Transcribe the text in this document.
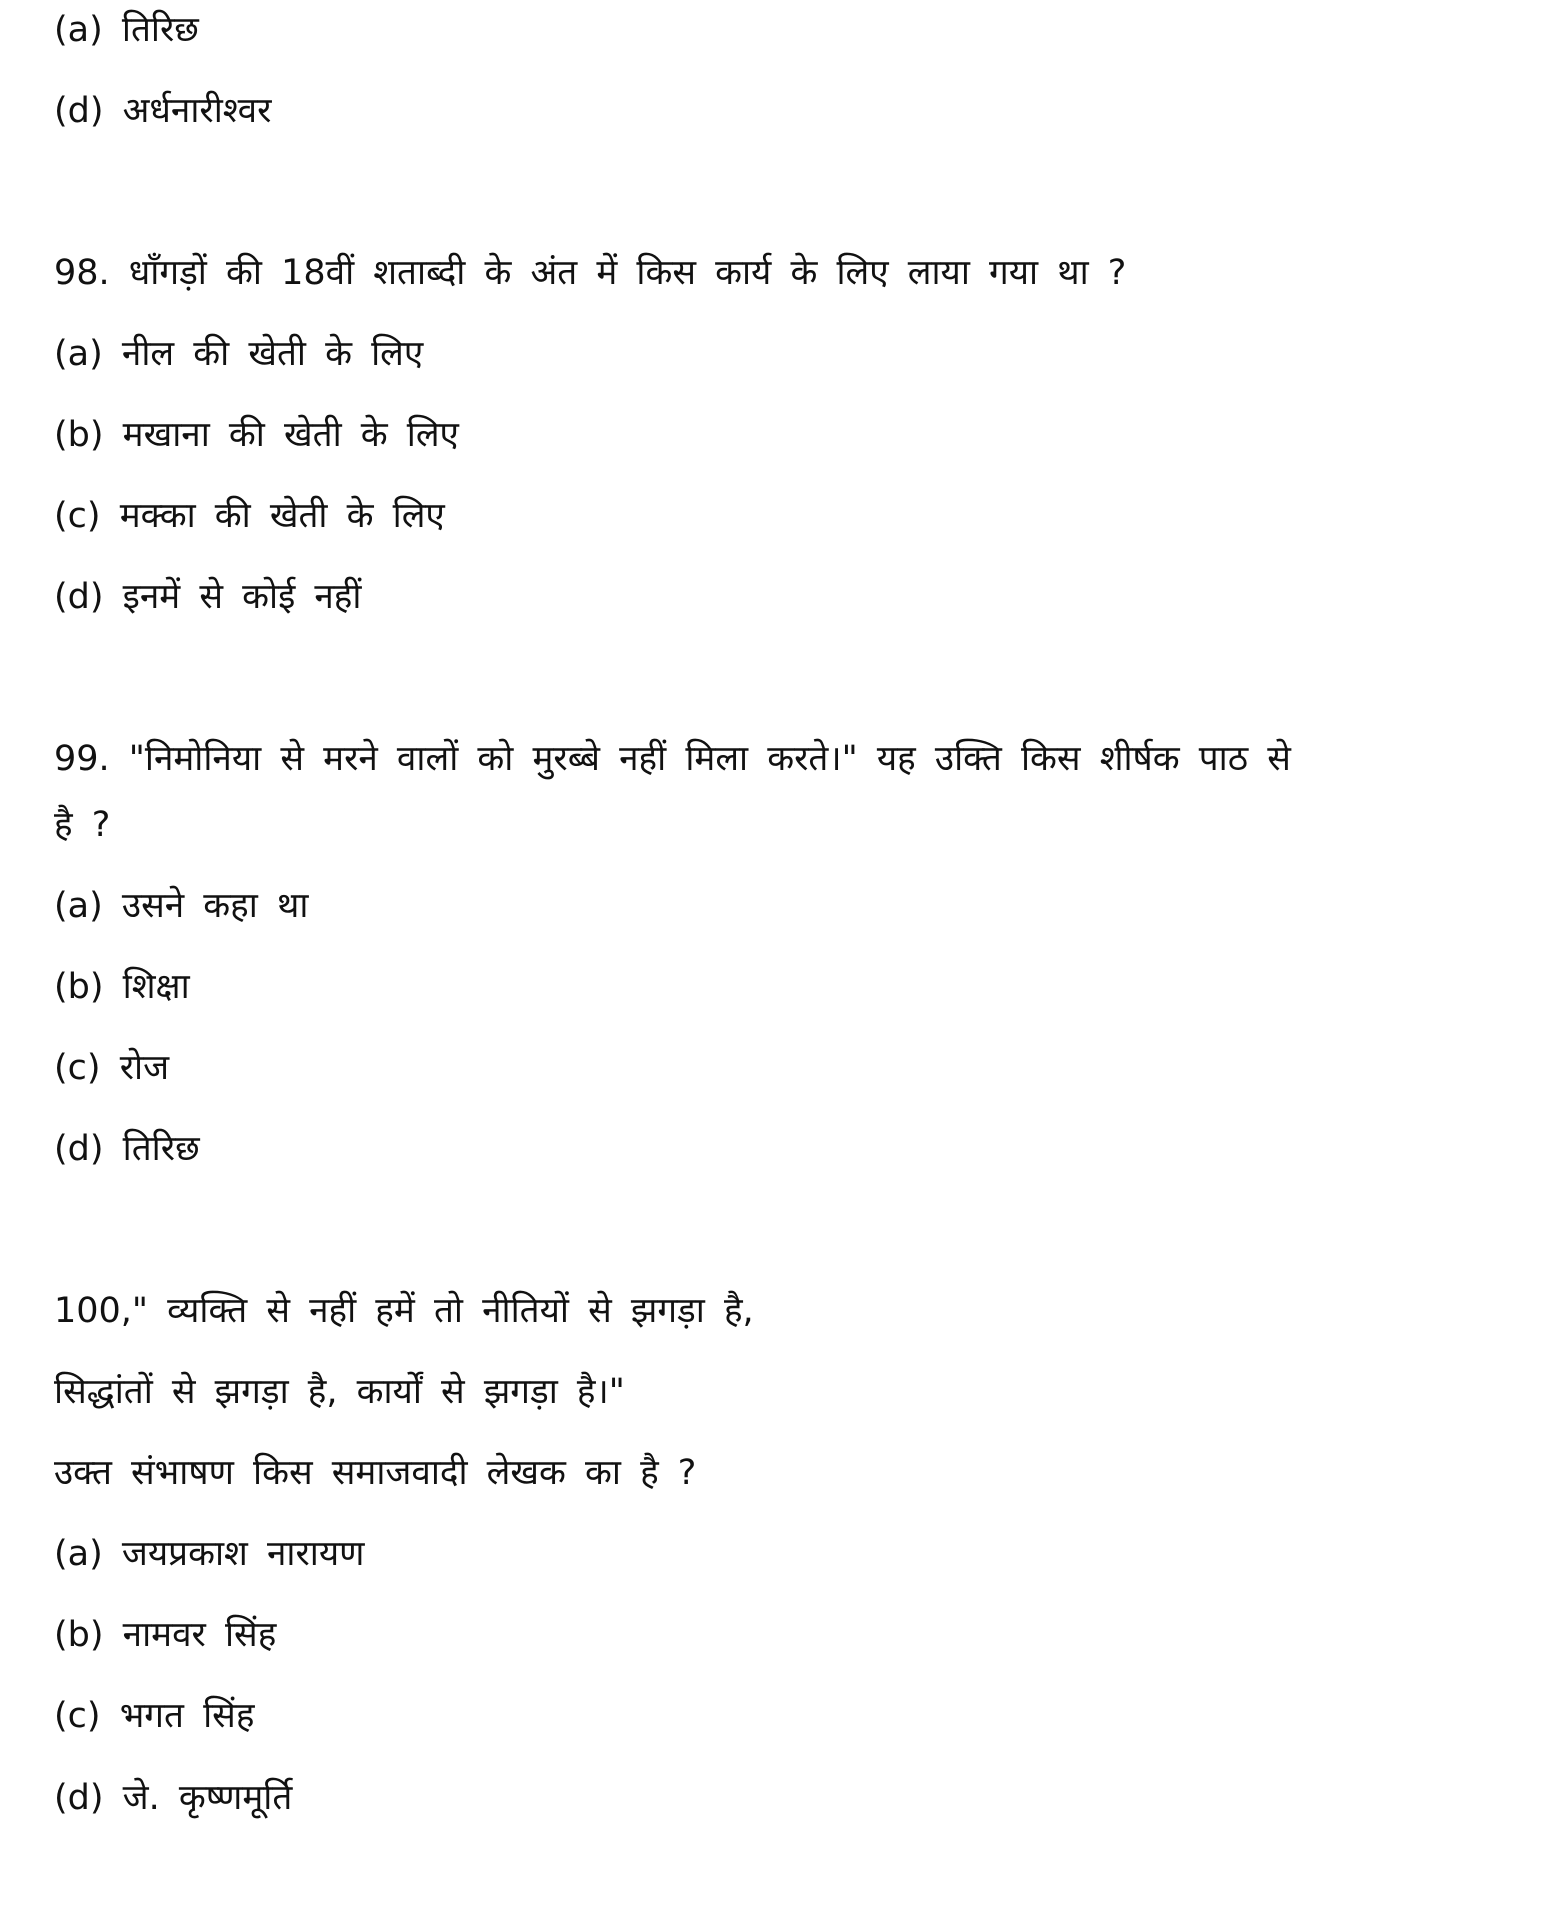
(a) तिरिछ
(d) अर्धनारीश्वर
98. धाँगड़ों की 18वीं शताब्दी के अंत में किस कार्य के लिए लाया गया था ?
(a) नील की खेती के लिए
(b) मखाना की खेती के लिए
(c) मक्का की खेती के लिए
(d) इनमें से कोई नहीं
99. "निमोनिया से मरने वालों को मुरब्बे नहीं मिला करते।" यह उक्ति किस शीर्षक पाठ से
है ?
(a) उसने कहा था
(b) शिक्षा
(c) रोज
(d) तिरिछ
100," व्यक्ति से नहीं हमें तो नीतियों से झगड़ा है,
सिद्धांतों से झगड़ा है, कार्यों से झगड़ा है।"
उक्त संभाषण किस समाजवादी लेखक का है ?
(a) जयप्रकाश नारायण
(b) नामवर सिंह
(c) भगत सिंह
(d) जे. कृष्णमूर्ति
